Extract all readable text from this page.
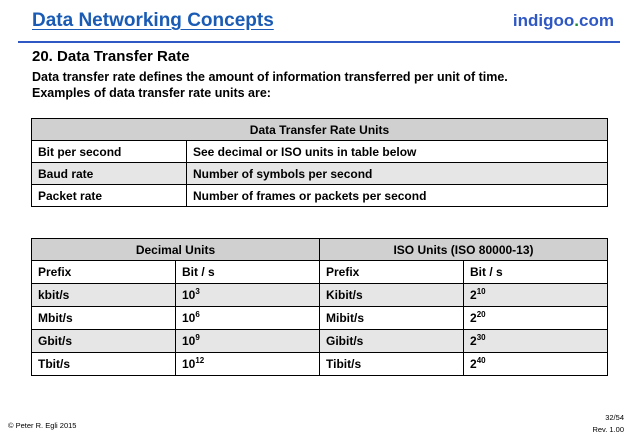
Data Networking Concepts	indigoo.com
20. Data Transfer Rate
Data transfer rate defines the amount of information transferred per unit of time.
Examples of data transfer rate units are:
Data Transfer Rate Units	
Bit per second	See decimal or ISO units in table below
Baud rate	Number of symbols per second
Packet rate	Number of frames or packets per second
Decimal Units		ISO Units (ISO 80000-13)	
Prefix	Bit / s	Prefix	Bit / s
kbit/s	$10^3$	Kibit/s	$2^{10}$
Mbit/s	$10^6$	Mibit/s	$2^{20}$
Gbit/s	$10^9$	Gibit/s	$2^{30}$
Tbit/s	$10^{12}$	Tibit/s	$2^{40}$
© Peter R. Egli 2015
32/54
Rev. 1.00
